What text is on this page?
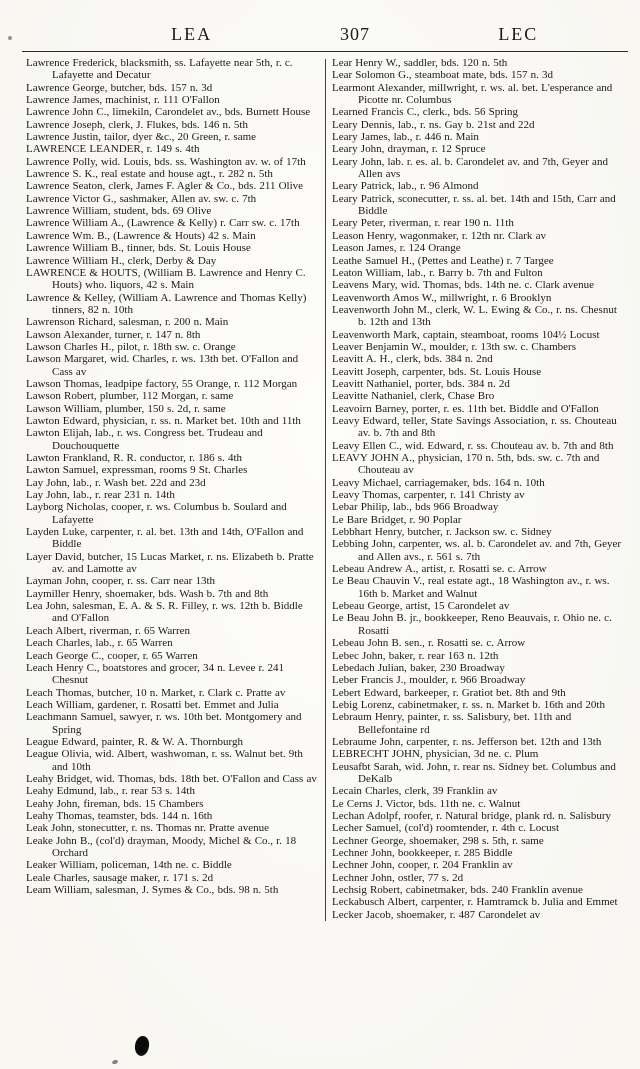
LEA	307	LEC
Lawrence Frederick, blacksmith, ss. Lafayette near 5th, r. c. Lafayette and Decatur
Lawrence George, butcher, bds. 157 n. 3d
Lawrence James, machinist, r. 111 O'Fallon
Lawrence John C., limekiln, Carondelet av., bds. Burnett House
Lawrence Joseph, clerk, J. Flukes, bds. 146 n. 5th
Lawrence Justin, tailor, dyer &c., 20 Green, r. same
LAWRENCE LEANDER, r. 149 s. 4th
Lawrence Polly, wid. Louis, bds. ss. Washington av. w. of 17th
Lawrence S. K., real estate and house agt., r. 282 n. 5th
Lawrence Seaton, clerk, James F. Agler & Co., bds. 211 Olive
Lawrence Victor G., sashmaker, Allen av. sw. c. 7th
Lawrence William, student, bds. 69 Olive
Lawrence William A., (Lawrence & Kelly) r. Carr sw. c. 17th
Lawrence Wm. B., (Lawrence & Houts) 42 s. Main
Lawrence William B., tinner, bds. St. Louis House
Lawrence William H., clerk, Derby & Day
LAWRENCE & HOUTS, (William B. Lawrence and Henry C. Houts) who. liquors, 42 s. Main
Lawrence & Kelley, (William A. Lawrence and Thomas Kelly) tinners, 82 n. 10th
Lawrenson Richard, salesman, r. 200 n. Main
Lawson Alexander, turner, r. 147 n. 8th
Lawson Charles H., pilot, r. 18th sw. c. Orange
Lawson Margaret, wid. Charles, r. ws. 13th bet. O'Fallon and Cass av
Lawson Thomas, leadpipe factory, 55 Orange, r. 112 Morgan
Lawson Robert, plumber, 112 Morgan, r. same
Lawson William, plumber, 150 s. 2d, r. same
Lawton Edward, physician, r. ss. n. Market bet. 10th and 11th
Lawton Elijah, lab., r. ws. Congress bet. Trudeau and Douchouquette
Lawton Frankland, R. R. conductor, r. 186 s. 4th
Lawton Samuel, expressman, rooms 9 St. Charles
Lay John, lab., r. Wash bet. 22d and 23d
Lay John, lab., r. rear 231 n. 14th
Layborg Nicholas, cooper, r. ws. Columbus b. Soulard and Lafayette
Layden Luke, carpenter, r. al. bet. 13th and 14th, O'Fallon and Biddle
Layer David, butcher, 15 Lucas Market, r. ns. Elizabeth b. Pratte av. and Lamotte av
Layman John, cooper, r. ss. Carr near 13th
Laymiller Henry, shoemaker, bds. Wash b. 7th and 8th
Lea John, salesman, E. A. & S. R. Filley, r. ws. 12th b. Biddle and O'Fallon
Leach Albert, riverman, r. 65 Warren
Leach Charles, lab., r. 65 Warren
Leach George C., cooper, r. 65 Warren
Leach Henry C., boatstores and grocer, 34 n. Levee r. 241 Chesnut
Leach Thomas, butcher, 10 n. Market, r. Clark c. Pratte av
Leach William, gardener, r. Rosatti bet. Emmet and Julia
Leachmann Samuel, sawyer, r. ws. 10th bet. Montgomery and Spring
League Edward, painter, R. & W. A. Thornburgh
League Olivia, wid. Albert, washwoman, r. ss. Walnut bet. 9th and 10th
Leahy Bridget, wid. Thomas, bds. 18th bet. O'Fallon and Cass av
Leahy Edmund, lab., r. rear 53 s. 14th
Leahy John, fireman, bds. 15 Chambers
Leahy Thomas, teamster, bds. 144 n. 16th
Leak John, stonecutter, r. ns. Thomas nr. Pratte avenue
Leake John B., (col'd) drayman, Moody, Michel & Co., r. 18 Orchard
Leaker William, policeman, 14th ne. c. Biddle
Leale Charles, sausage maker, r. 171 s. 2d
Leam William, salesman, J. Symes & Co., bds. 98 n. 5th
Lear Henry W., saddler, bds. 120 n. 5th
Lear Solomon G., steamboat mate, bds. 157 n. 3d
Learmont Alexander, millwright, r. ws. al. bet. L'esperance and Picotte nr. Columbus
Learned Francis C., clerk., bds. 56 Spring
Leary Dennis, lab., r. ns. Gay b. 21st and 22d
Leary James, lab., r. 446 n. Main
Leary John, drayman, r. 12 Spruce
Leary John, lab. r. es. al. b. Carondelet av. and 7th, Geyer and Allen avs
Leary Patrick, lab., r. 96 Almond
Leary Patrick, sconecutter, r. ss. al. bet. 14th and 15th, Carr and Biddle
Leary Peter, riverman, r. rear 190 n. 11th
Leason Henry, wagonmaker, r. 12th nr. Clark av
Leason James, r. 124 Orange
Leathe Samuel H., (Pettes and Leathe) r. 7 Targee
Leaton William, lab., r. Barry b. 7th and Fulton
Leavens Mary, wid. Thomas, bds. 14th ne. c. Clark avenue
Leavenworth Amos W., millwright, r. 6 Brooklyn
Leavenworth John M., clerk, W. L. Ewing & Co., r. ns. Chesnut b. 12th and 13th
Leavenworth Mark, captain, steamboat, rooms 104½ Locust
Leaver Benjamin W., moulder, r. 13th sw. c. Chambers
Leavitt A. H., clerk, bds. 384 n. 2nd
Leavitt Joseph, carpenter, bds. St. Louis House
Leavitt Nathaniel, porter, bds. 384 n. 2d
Leavitte Nathaniel, clerk, Chase Bro
Leavoirn Barney, porter, r. es. 11th bet. Biddle and O'Fallon
Leavy Edward, teller, State Savings Association, r. ss. Chouteau av. b. 7th and 8th
Leavy Ellen C., wid. Edward, r. ss. Chouteau av. b. 7th and 8th
LEAVY JOHN A., physician, 170 n. 5th, bds. sw. c. 7th and Chouteau av
Leavy Michael, carriagemaker, bds. 164 n. 10th
Leavy Thomas, carpenter, r. 141 Christy av
Lebar Philip, lab., bds 966 Broadway
Le Bare Bridget, r. 90 Poplar
Lebbhart Henry, butcher, r. Jackson sw. c. Sidney
Lebbing John, carpenter, ws. al. b. Carondelet av. and 7th, Geyer and Allen avs., r. 561 s. 7th
Lebeau Andrew A., artist, r. Rosatti se. c. Arrow
Le Beau Chauvin V., real estate agt., 18 Washington av., r. ws. 16th b. Market and Walnut
Lebeau George, artist, 15 Carondelet av
Le Beau John B. jr., bookkeeper, Reno Beauvais, r. Ohio ne. c. Rosatti
Lebeau John B. sen., r. Rosatti se. c. Arrow
Lebec John, baker, r. rear 163 n. 12th
Lebedach Julian, baker, 230 Broadway
Leber Francis J., moulder, r. 966 Broadway
Lebert Edward, barkeeper, r. Gratiot bet. 8th and 9th
Lebig Lorenz, cabinetmaker, r. ss. n. Market b. 16th and 20th
Lebraum Henry, painter, r. ss. Salisbury, bet. 11th and Bellefontaine rd
Lebraume John, carpenter, r. ns. Jefferson bet. 12th and 13th
LEBRECHT JOHN, physician, 3d ne. c. Plum
Leusafbt Sarah, wid. John, r. rear ns. Sidney bet. Columbus and DeKalb
Lecain Charles, clerk, 39 Franklin av
Le Cerns J. Victor, bds. 11th ne. c. Walnut
Lechan Adolpf, roofer, r. Natural bridge, plank rd. n. Salisbury
Lecher Samuel, (col'd) roomtender, r. 4th c. Locust
Lechner George, shoemaker, 298 s. 5th, r. same
Lechner John, bookkeeper, r. 285 Biddle
Lechner John, cooper, r. 204 Franklin av
Lechner John, ostler, 77 s. 2d
Lechsig Robert, cabinetmaker, bds. 240 Franklin avenue
Leckabusch Albert, carpenter, r. Hamtramck b. Julia and Emmet
Lecker Jacob, shoemaker, r. 487 Carondelet av
